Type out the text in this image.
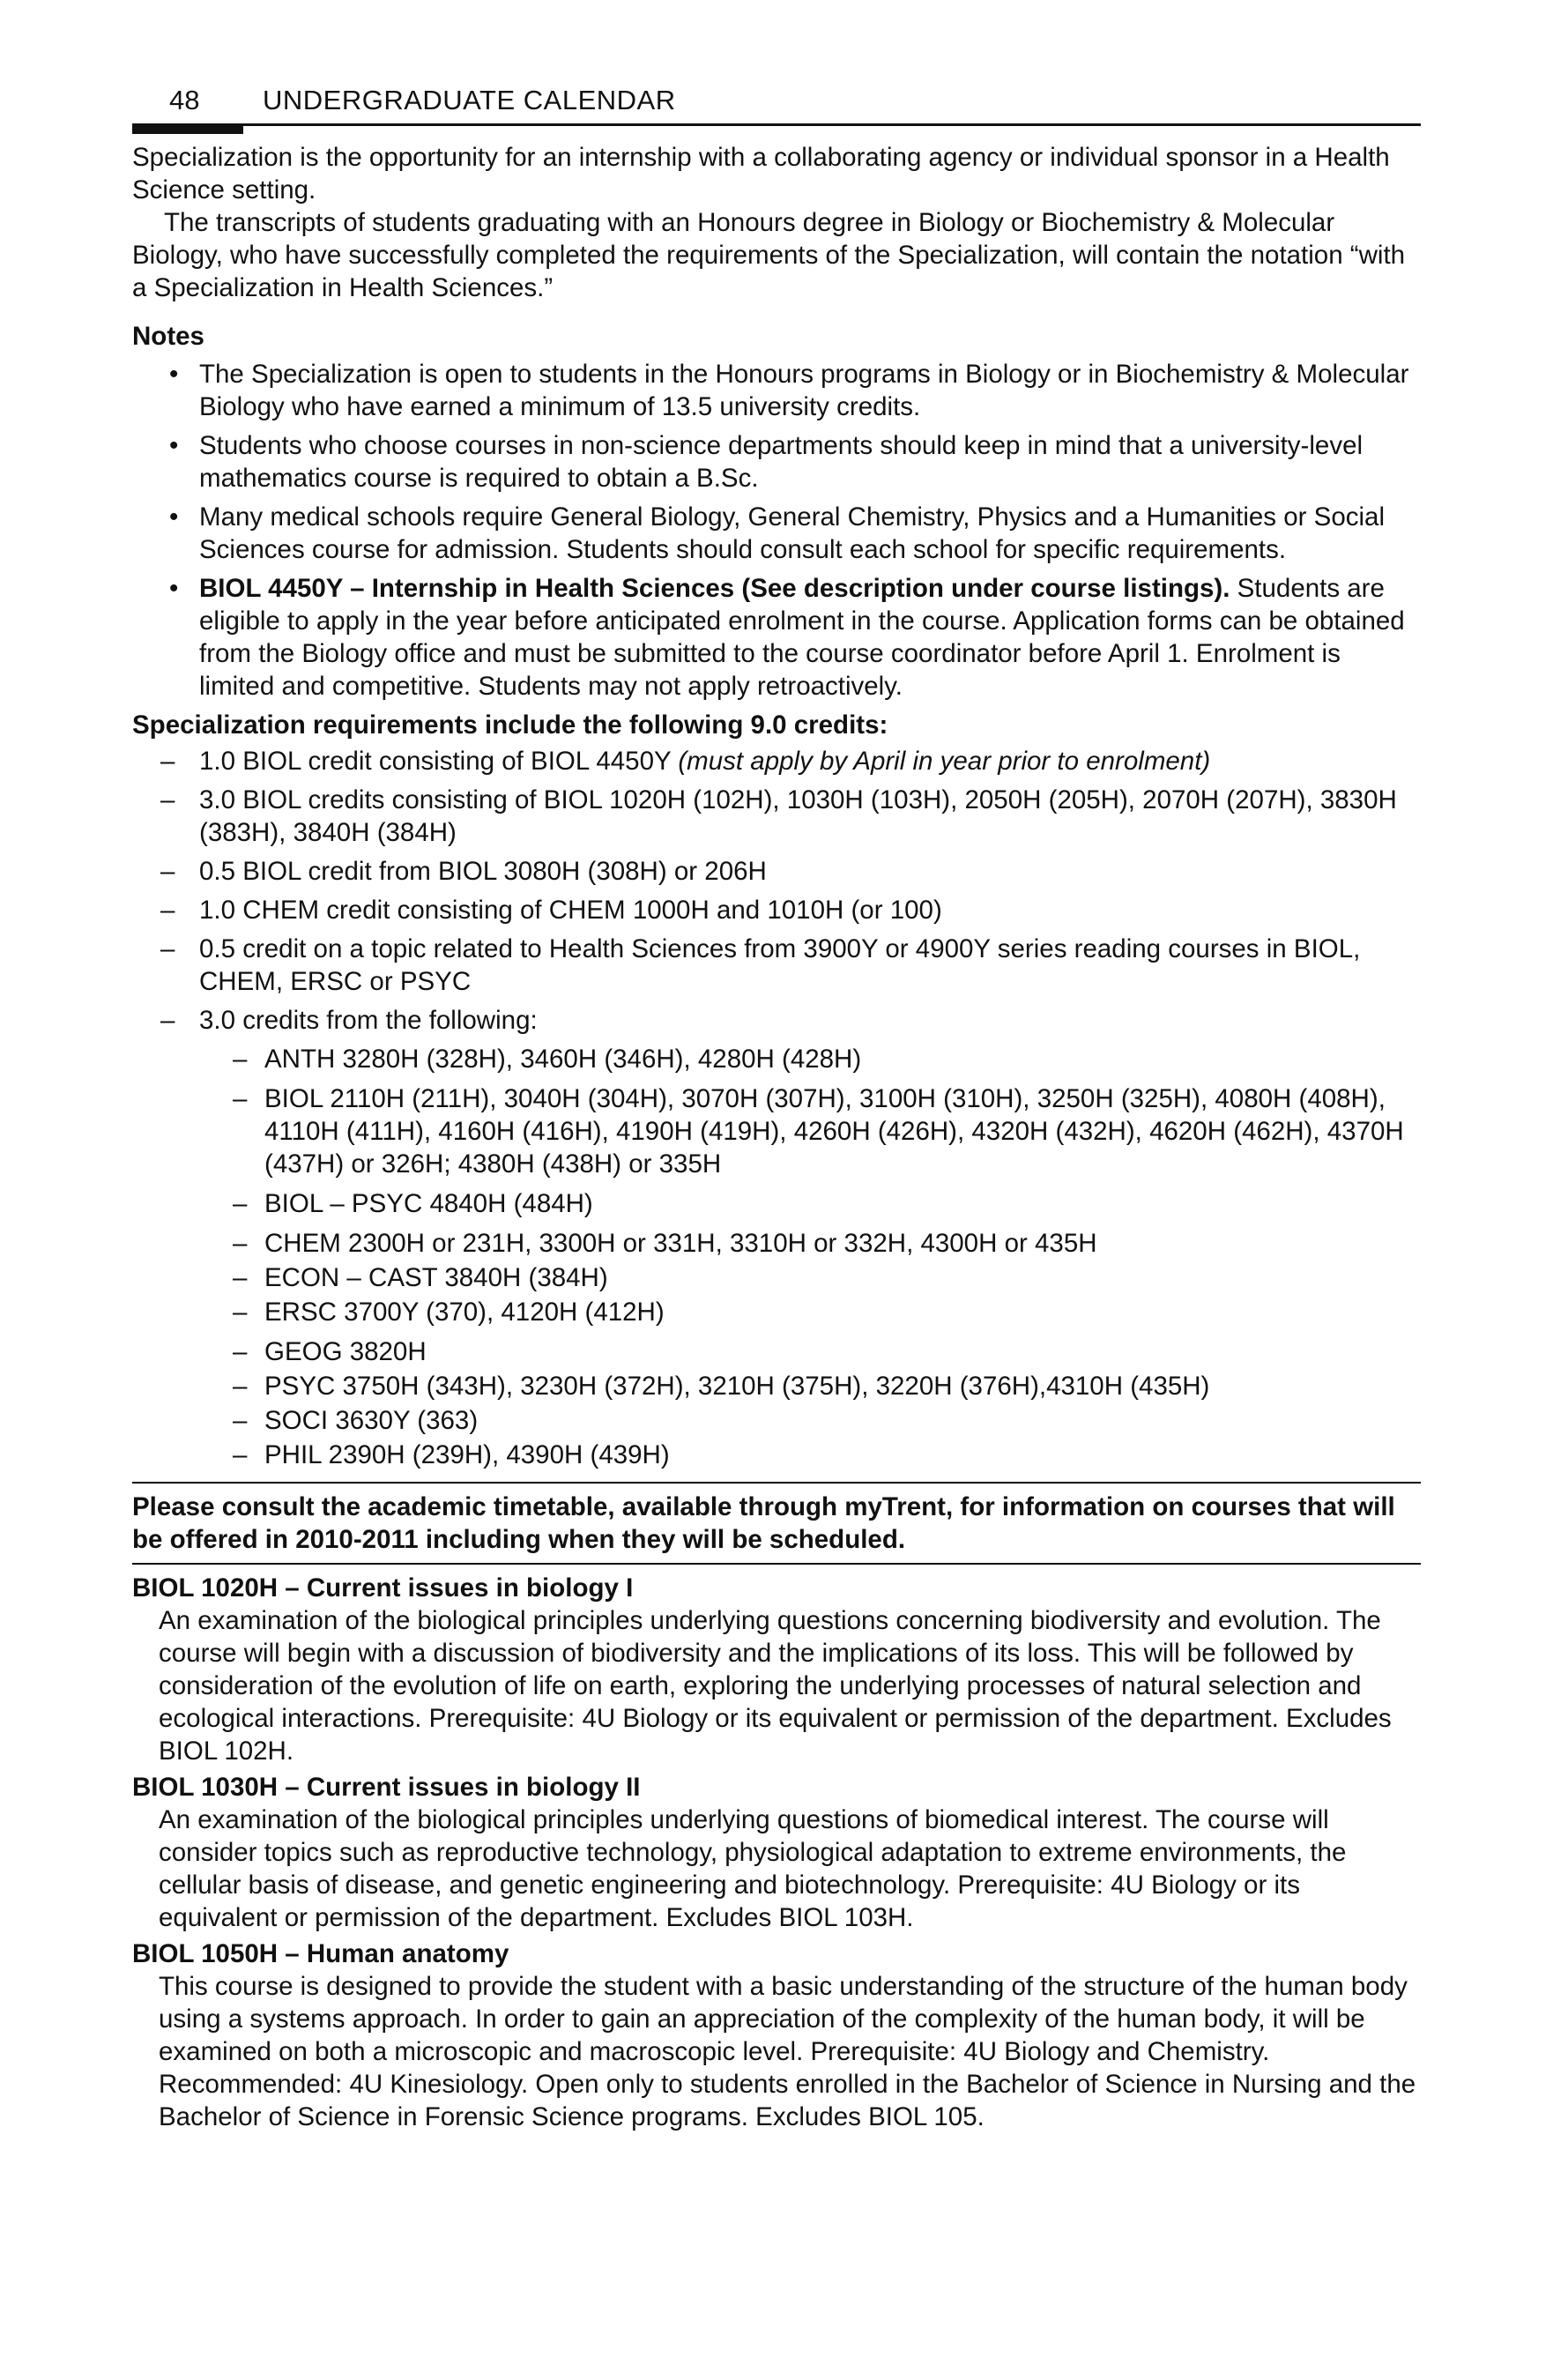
48 UNDERGRADUATE CALENDAR

Specialization is the opportunity for an internship with a collaborating agency or individual sponsor in a Health Science setting.

The transcripts of students graduating with an Honours degree in Biology or Biochemistry & Molecular Biology, who have successfully completed the requirements of the Specialization, will contain the notation “with a Specialization in Health Sciences.”

Notes

• The Specialization is open to students in the Honours programs in Biology or in Biochemistry & Molecular Biology who have earned a minimum of 13.5 university credits.
• Students who choose courses in non-science departments should keep in mind that a university-level mathematics course is required to obtain a B.Sc.
• Many medical schools require General Biology, General Chemistry, Physics and a Humanities or Social Sciences course for admission. Students should consult each school for specific requirements.
• BIOL 4450Y – Internship in Health Sciences (See description under course listings). Students are eligible to apply in the year before anticipated enrolment in the course. Application forms can be obtained from the Biology office and must be submitted to the course coordinator before April 1. Enrolment is limited and competitive. Students may not apply retroactively.

Specialization requirements include the following 9.0 credits:

– 1.0 BIOL credit consisting of BIOL 4450Y (must apply by April in year prior to enrolment)
– 3.0 BIOL credits consisting of BIOL 1020H (102H), 1030H (103H), 2050H (205H), 2070H (207H), 3830H (383H), 3840H (384H)
– 0.5 BIOL credit from BIOL 3080H (308H) or 206H
– 1.0 CHEM credit consisting of CHEM 1000H and 1010H (or 100)
– 0.5 credit on a topic related to Health Sciences from 3900Y or 4900Y series reading courses in BIOL, CHEM, ERSC or PSYC
– 3.0 credits from the following:
– ANTH 3280H (328H), 3460H (346H), 4280H (428H)
– BIOL 2110H (211H), 3040H (304H), 3070H (307H), 3100H (310H), 3250H (325H), 4080H (408H), 4110H (411H), 4160H (416H), 4190H (419H), 4260H (426H), 4320H (432H), 4620H (462H), 4370H (437H) or 326H; 4380H (438H) or 335H
– BIOL – PSYC 4840H (484H)
– CHEM 2300H or 231H, 3300H or 331H, 3310H or 332H, 4300H or 435H
– ECON – CAST 3840H (384H)
– ERSC 3700Y (370), 4120H (412H)
– GEOG 3820H
– PSYC 3750H (343H), 3230H (372H), 3210H (375H), 3220H (376H),4310H (435H)
– SOCI 3630Y (363)
– PHIL 2390H (239H), 4390H (439H)

Please consult the academic timetable, available through myTrent, for information on courses that will be offered in 2010-2011 including when they will be scheduled.

BIOL 1020H – Current issues in biology I

An examination of the biological principles underlying questions concerning biodiversity and evolution. The course will begin with a discussion of biodiversity and the implications of its loss. This will be followed by consideration of the evolution of life on earth, exploring the underlying processes of natural selection and ecological interactions. Prerequisite: 4U Biology or its equivalent or permission of the department. Excludes BIOL 102H.

BIOL 1030H – Current issues in biology II

An examination of the biological principles underlying questions of biomedical interest. The course will consider topics such as reproductive technology, physiological adaptation to extreme environments, the cellular basis of disease, and genetic engineering and biotechnology. Prerequisite: 4U Biology or its equivalent or permission of the department. Excludes BIOL 103H.

BIOL 1050H – Human anatomy

This course is designed to provide the student with a basic understanding of the structure of the human body using a systems approach. In order to gain an appreciation of the complexity of the human body, it will be examined on both a microscopic and macroscopic level. Prerequisite: 4U Biology and Chemistry. Recommended: 4U Kinesiology. Open only to students enrolled in the Bachelor of Science in Nursing and the Bachelor of Science in Forensic Science programs. Excludes BIOL 105.
